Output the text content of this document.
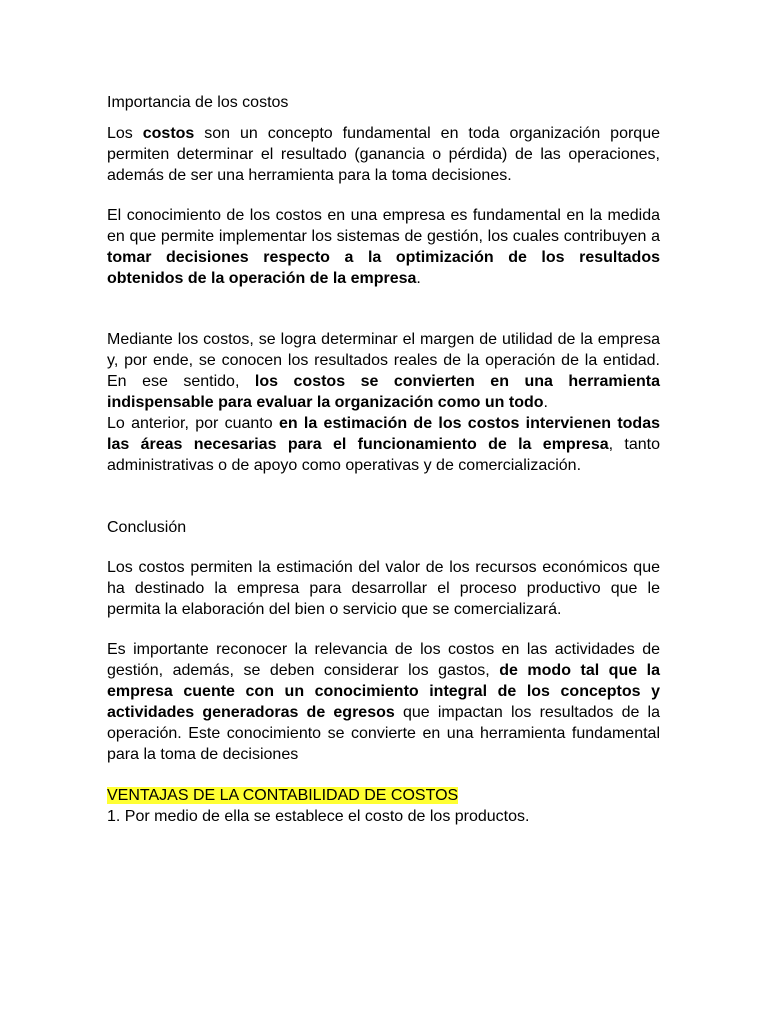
Importancia de los costos

Los costos son un concepto fundamental en toda organización porque permiten determinar el resultado (ganancia o pérdida) de las operaciones, además de ser una herramienta para la toma decisiones.

El conocimiento de los costos en una empresa es fundamental en la medida en que permite implementar los sistemas de gestión, los cuales contribuyen a tomar decisiones respecto a la optimización de los resultados obtenidos de la operación de la empresa.

Mediante los costos, se logra determinar el margen de utilidad de la empresa y, por ende, se conocen los resultados reales de la operación de la entidad. En ese sentido, los costos se convierten en una herramienta indispensable para evaluar la organización como un todo.

Lo anterior, por cuanto en la estimación de los costos intervienen todas las áreas necesarias para el funcionamiento de la empresa, tanto administrativas o de apoyo como operativas y de comercialización.

Conclusión

Los costos permiten la estimación del valor de los recursos económicos que ha destinado la empresa para desarrollar el proceso productivo que le permita la elaboración del bien o servicio que se comercializará.

Es importante reconocer la relevancia de los costos en las actividades de gestión, además, se deben considerar los gastos, de modo tal que la empresa cuente con un conocimiento integral de los conceptos y actividades generadoras de egresos que impactan los resultados de la operación. Este conocimiento se convierte en una herramienta fundamental para la toma de decisiones

VENTAJAS DE LA CONTABILIDAD DE COSTOS

1. Por medio de ella se establece el costo de los productos.
